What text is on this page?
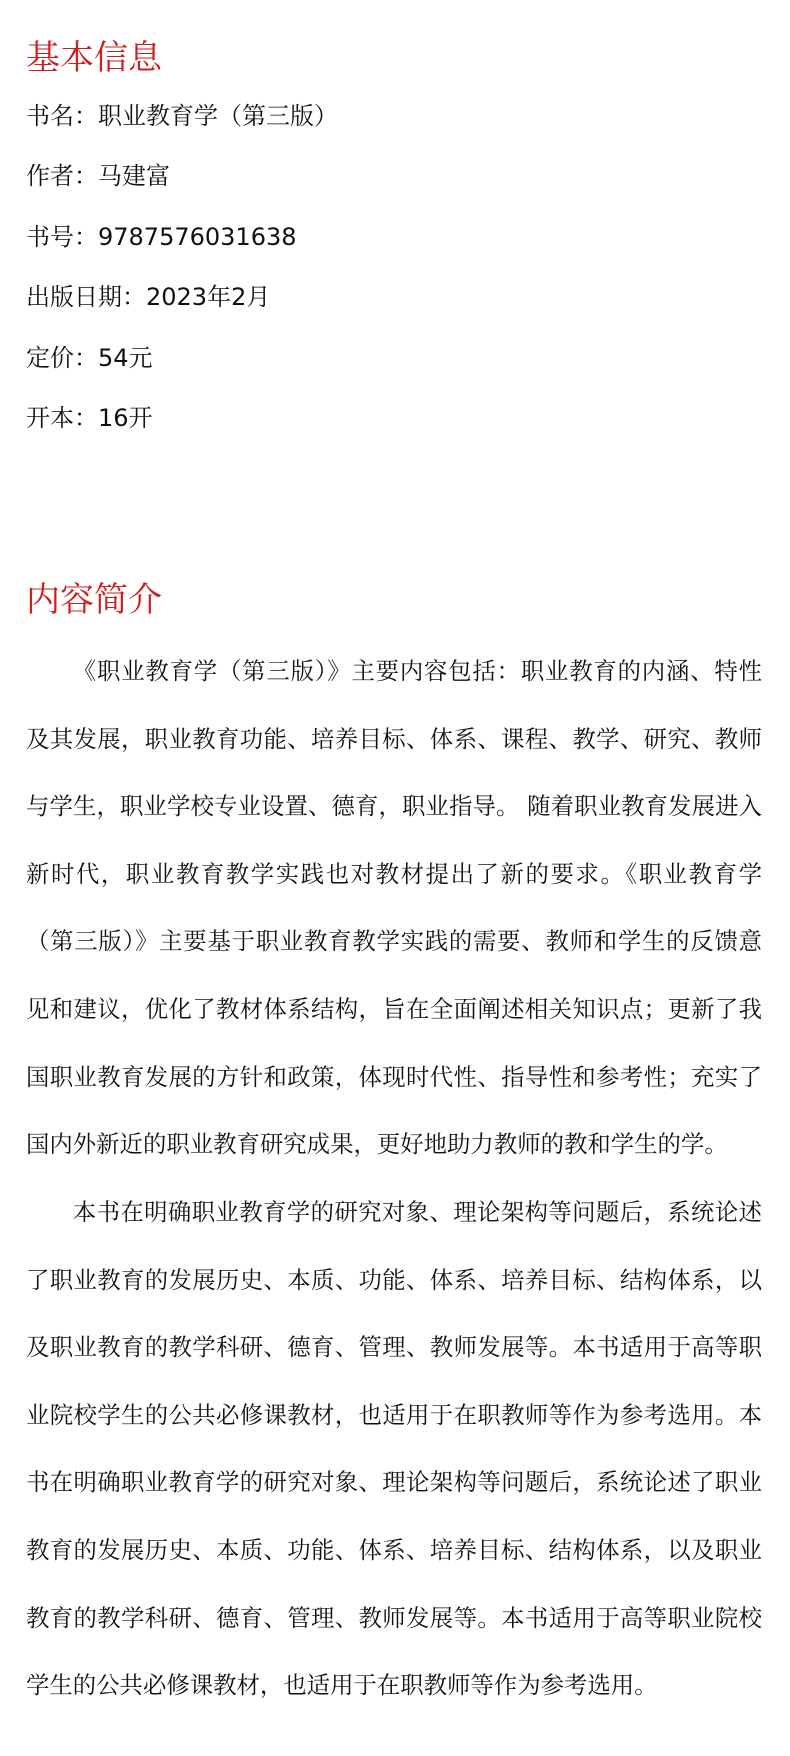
基本信息
书名：职业教育学（第三版）
作者：马建富
书号：9787576031638
出版日期：2023年2月
定价：54元
开本：16开
内容简介

《职业教育学（第三版）》主要内容包括：职业教育的内涵、特性及其发展，职业教育功能、培养目标、体系、课程、教学、研究、教师与学生，职业学校专业设置、德育，职业指导。 随着职业教育发展进入新时代，职业教育教学实践也对教材提出了新的要求。《职业教育学（第三版）》主要基于职业教育教学实践的需要、教师和学生的反馈意见和建议，优化了教材体系结构，旨在全面阐述相关知识点；更新了我国职业教育发展的方针和政策，体现时代性、指导性和参考性；充实了国内外新近的职业教育研究成果，更好地助力教师的教和学生的学。

本书在明确职业教育学的研究对象、理论架构等问题后，系统论述了职业教育的发展历史、本质、功能、体系、培养目标、结构体系，以及职业教育的教学科研、德育、管理、教师发展等。本书适用于高等职业院校学生的公共必修课教材，也适用于在职教师等作为参考选用。本书在明确职业教育学的研究对象、理论架构等问题后，系统论述了职业教育的发展历史、本质、功能、体系、培养目标、结构体系，以及职业教育的教学科研、德育、管理、教师发展等。本书适用于高等职业院校学生的公共必修课教材，也适用于在职教师等作为参考选用。
